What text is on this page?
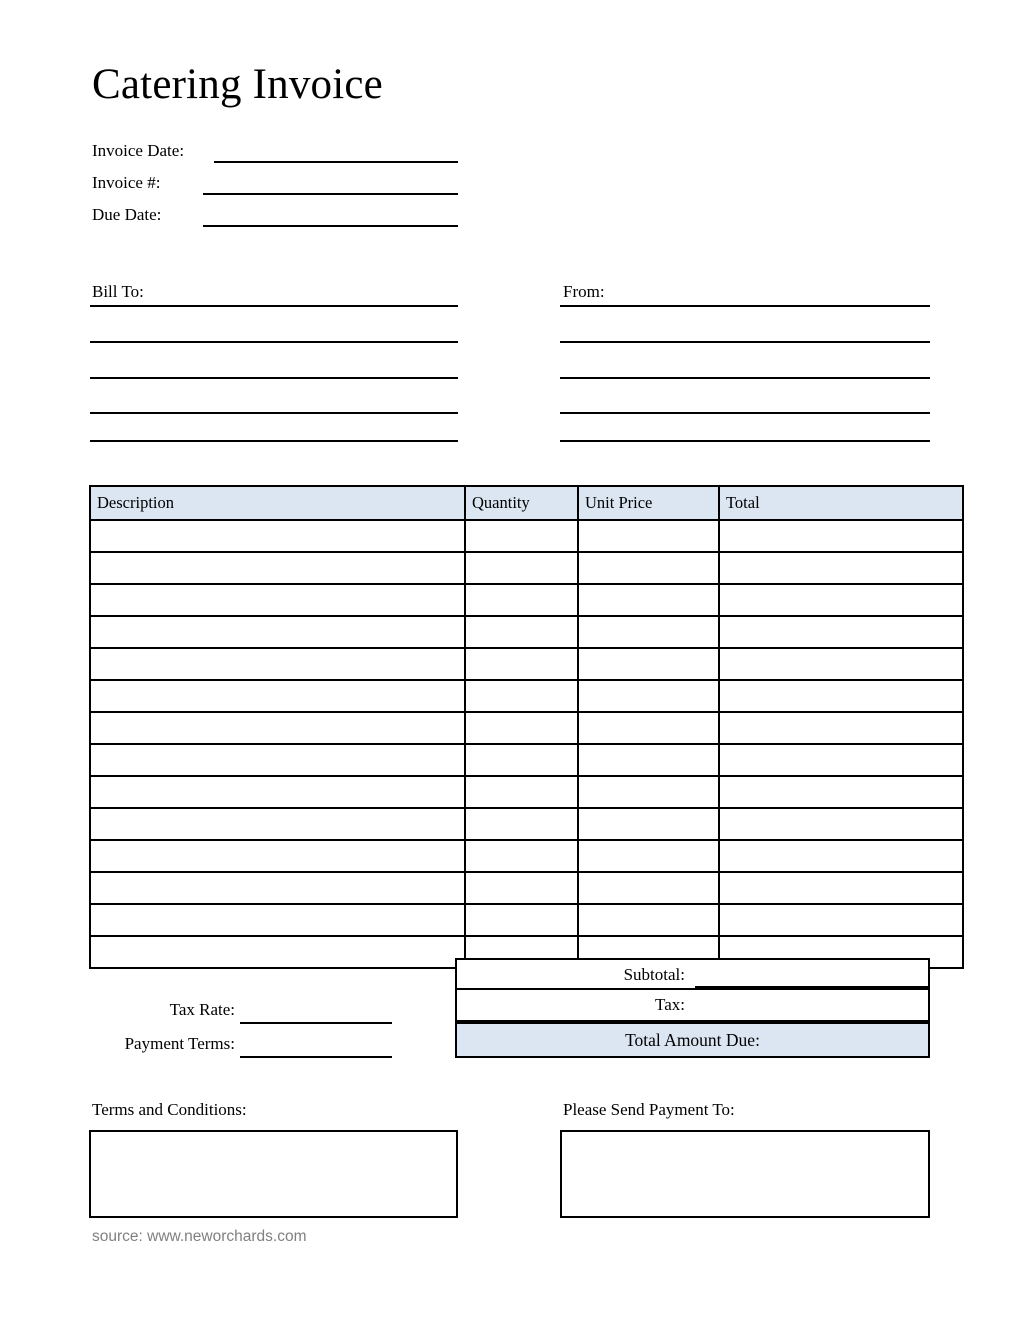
Catering Invoice
Invoice Date:
Invoice #:
Due Date:
Bill To:	From:
Description	Quantity	Unit Price	Total

Tax Rate:
Payment Terms:
Subtotal:
Tax:
Total Amount Due:
Terms and Conditions:	Please Send Payment To:
source: www.neworchards.com
